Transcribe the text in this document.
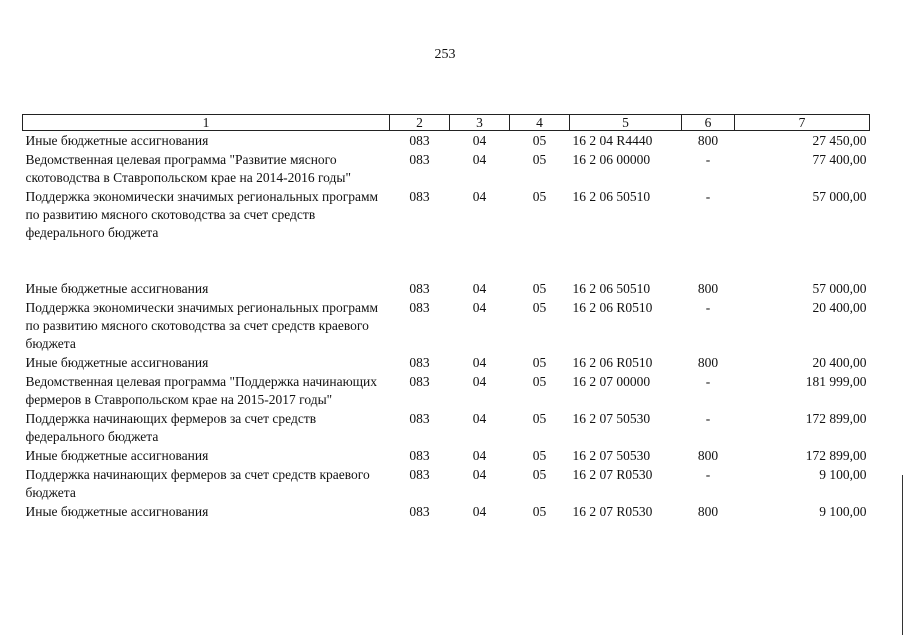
253
1	2	3	4	5	6	7
Иные бюджетные ассигнования	083	04	05	16 2 04 R4440	800	27 450,00
Ведомственная целевая программа "Развитие мясного скотоводства в Ставропольском крае на 2014-2016 годы"	083	04	05	16 2 06 00000	-	77 400,00
Поддержка экономически значимых региональных программ по развитию мясного скотоводства за счет средств федерального бюджета	083	04	05	16 2 06 50510	-	57 000,00

Иные бюджетные ассигнования	083	04	05	16 2 06 50510	800	57 000,00
Поддержка экономически значимых региональных программ по развитию мясного скотоводства за счет средств краевого бюджета	083	04	05	16 2 06 R0510	-	20 400,00
Иные бюджетные ассигнования	083	04	05	16 2 06 R0510	800	20 400,00
Ведомственная целевая программа "Поддержка начинающих фермеров в Ставропольском крае на 2015-2017 годы"	083	04	05	16 2 07 00000	-	181 999,00
Поддержка начинающих фермеров за счет средств федерального бюджета	083	04	05	16 2 07 50530	-	172 899,00
Иные бюджетные ассигнования	083	04	05	16 2 07 50530	800	172 899,00
Поддержка начинающих фермеров за счет средств краевого бюджета	083	04	05	16 2 07 R0530	-	9 100,00
Иные бюджетные ассигнования	083	04	05	16 2 07 R0530	800	9 100,00
